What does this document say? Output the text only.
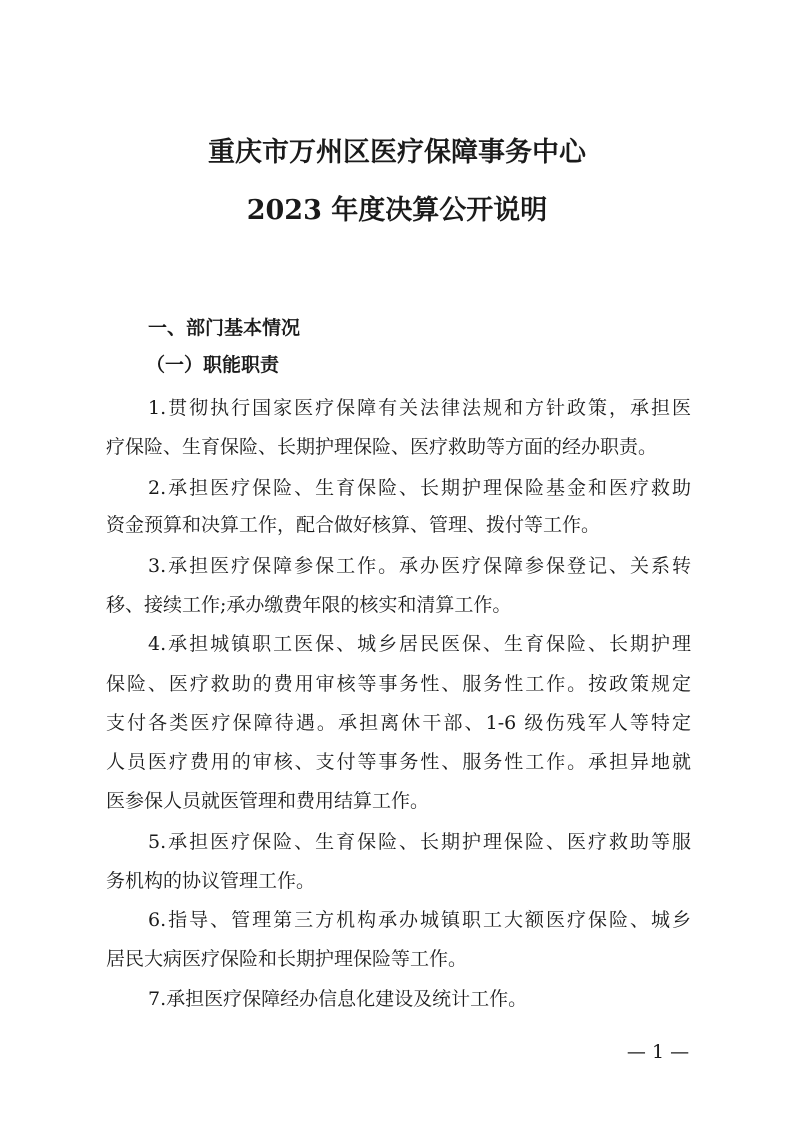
重庆市万州区医疗保障事务中心
2023 年度决算公开说明
一、部门基本情况
（一）职能职责

1.贯彻执行国家医疗保障有关法律法规和方针政策，承担医

疗保险、生育保险、长期护理保险、医疗救助等方面的经办职责。

2.承担医疗保险、生育保险、长期护理保险基金和医疗救助

资金预算和决算工作，配合做好核算、管理、拨付等工作。

3.承担医疗保障参保工作。承办医疗保障参保登记、关系转

移、接续工作;承办缴费年限的核实和清算工作。

4.承担城镇职工医保、城乡居民医保、生育保险、长期护理

保险、医疗救助的费用审核等事务性、服务性工作。按政策规定

支付各类医疗保障待遇。承担离休干部、1-6 级伤残军人等特定

人员医疗费用的审核、支付等事务性、服务性工作。承担异地就

医参保人员就医管理和费用结算工作。

5.承担医疗保险、生育保险、长期护理保险、医疗救助等服

务机构的协议管理工作。

6.指导、管理第三方机构承办城镇职工大额医疗保险、城乡

居民大病医疗保险和长期护理保险等工作。

7.承担医疗保障经办信息化建设及统计工作。

— 1 —
